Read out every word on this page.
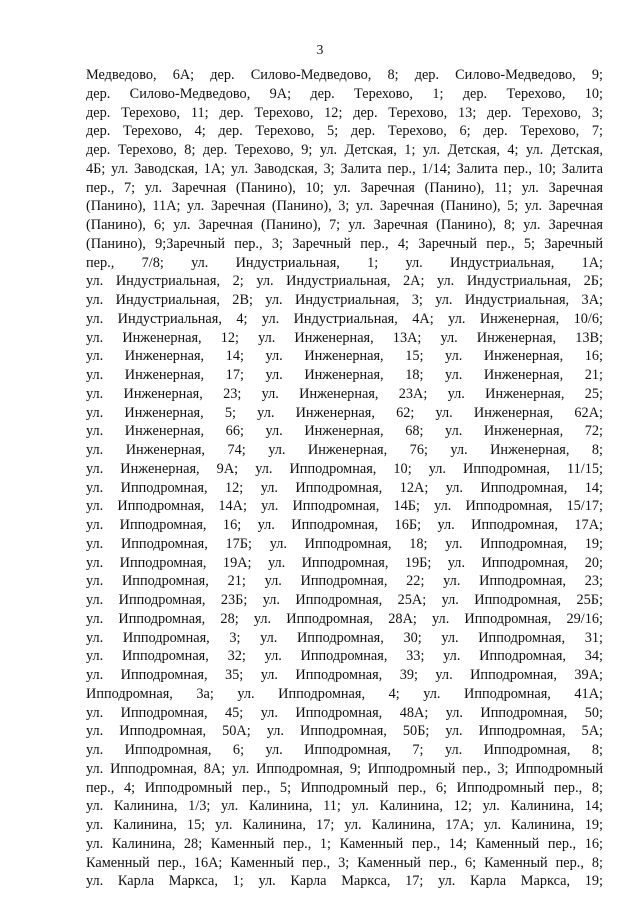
3
Медведово, 6А; дер. Силово-Медведово, 8; дер. Силово-Медведово, 9;
дер. Силово-Медведово, 9А; дер. Терехово, 1; дер. Терехово, 10;
дер. Терехово, 11; дер. Терехово, 12; дер. Терехово, 13; дер. Терехово, 3;
дер. Терехово, 4; дер. Терехово, 5; дер. Терехово, 6; дер. Терехово, 7;
дер. Терехово, 8; дер. Терехово, 9; ул. Детская, 1; ул. Детская, 4; ул. Детская,
4Б; ул. Заводская, 1А; ул. Заводская, 3; Залита пер., 1/14; Залита пер., 10; Залита
пер., 7; ул. Заречная (Панино), 10; ул. Заречная (Панино), 11; ул. Заречная
(Панино), 11А; ул. Заречная (Панино), 3; ул. Заречная (Панино), 5; ул. Заречная
(Панино), 6; ул. Заречная (Панино), 7; ул. Заречная (Панино), 8; ул. Заречная
(Панино), 9;Заречный пер., 3; Заречный пер., 4; Заречный пер., 5; Заречный
пер., 7/8; ул. Индустриальная, 1; ул. Индустриальная, 1А;
ул. Индустриальная, 2; ул. Индустриальная, 2А; ул. Индустриальная, 2Б;
ул. Индустриальная, 2В; ул. Индустриальная, 3; ул. Индустриальная, 3А;
ул. Индустриальная, 4; ул. Индустриальная, 4А; ул. Инженерная, 10/6;
ул. Инженерная, 12; ул. Инженерная, 13А; ул. Инженерная, 13В;
ул. Инженерная, 14; ул. Инженерная, 15; ул. Инженерная, 16;
ул. Инженерная, 17; ул. Инженерная, 18; ул. Инженерная, 21;
ул. Инженерная, 23; ул. Инженерная, 23А; ул. Инженерная, 25;
ул. Инженерная, 5; ул. Инженерная, 62; ул. Инженерная, 62А;
ул. Инженерная, 66; ул. Инженерная, 68; ул. Инженерная, 72;
ул. Инженерная, 74; ул. Инженерная, 76; ул. Инженерная, 8;
ул. Инженерная, 9А; ул. Ипподромная, 10; ул. Ипподромная, 11/15;
ул. Ипподромная, 12; ул. Ипподромная, 12А; ул. Ипподромная, 14;
ул. Ипподромная, 14А; ул. Ипподромная, 14Б; ул. Ипподромная, 15/17;
ул. Ипподромная, 16; ул. Ипподромная, 16Б; ул. Ипподромная, 17А;
ул. Ипподромная, 17Б; ул. Ипподромная, 18; ул. Ипподромная, 19;
ул. Ипподромная, 19А; ул. Ипподромная, 19Б; ул. Ипподромная, 20;
ул. Ипподромная, 21; ул. Ипподромная, 22; ул. Ипподромная, 23;
ул. Ипподромная, 23Б; ул. Ипподромная, 25А; ул. Ипподромная, 25Б;
ул. Ипподромная, 28; ул. Ипподромная, 28А; ул. Ипподромная, 29/16;
ул. Ипподромная, 3; ул. Ипподромная, 30; ул. Ипподромная, 31;
ул. Ипподромная, 32; ул. Ипподромная, 33; ул. Ипподромная, 34;
ул. Ипподромная, 35; ул. Ипподромная, 39; ул. Ипподромная, 39А;
Ипподромная, 3а; ул. Ипподромная, 4; ул. Ипподромная, 41А;
ул. Ипподромная, 45; ул. Ипподромная, 48А; ул. Ипподромная, 50;
ул. Ипподромная, 50А; ул. Ипподромная, 50Б; ул. Ипподромная, 5А;
ул. Ипподромная, 6; ул. Ипподромная, 7; ул. Ипподромная, 8;
ул. Ипподромная, 8А; ул. Ипподромная, 9; Ипподромный пер., 3; Ипподромный
пер., 4; Ипподромный пер., 5; Ипподромный пер., 6; Ипподромный пер., 8;
ул. Калинина, 1/3; ул. Калинина, 11; ул. Калинина, 12; ул. Калинина, 14;
ул. Калинина, 15; ул. Калинина, 17; ул. Калинина, 17А; ул. Калинина, 19;
ул. Калинина, 28; Каменный пер., 1; Каменный пер., 14; Каменный пер., 16;
Каменный пер., 16А; Каменный пер., 3; Каменный пер., 6; Каменный пер., 8;
ул. Карла Маркса, 1; ул. Карла Маркса, 17; ул. Карла Маркса, 19;
